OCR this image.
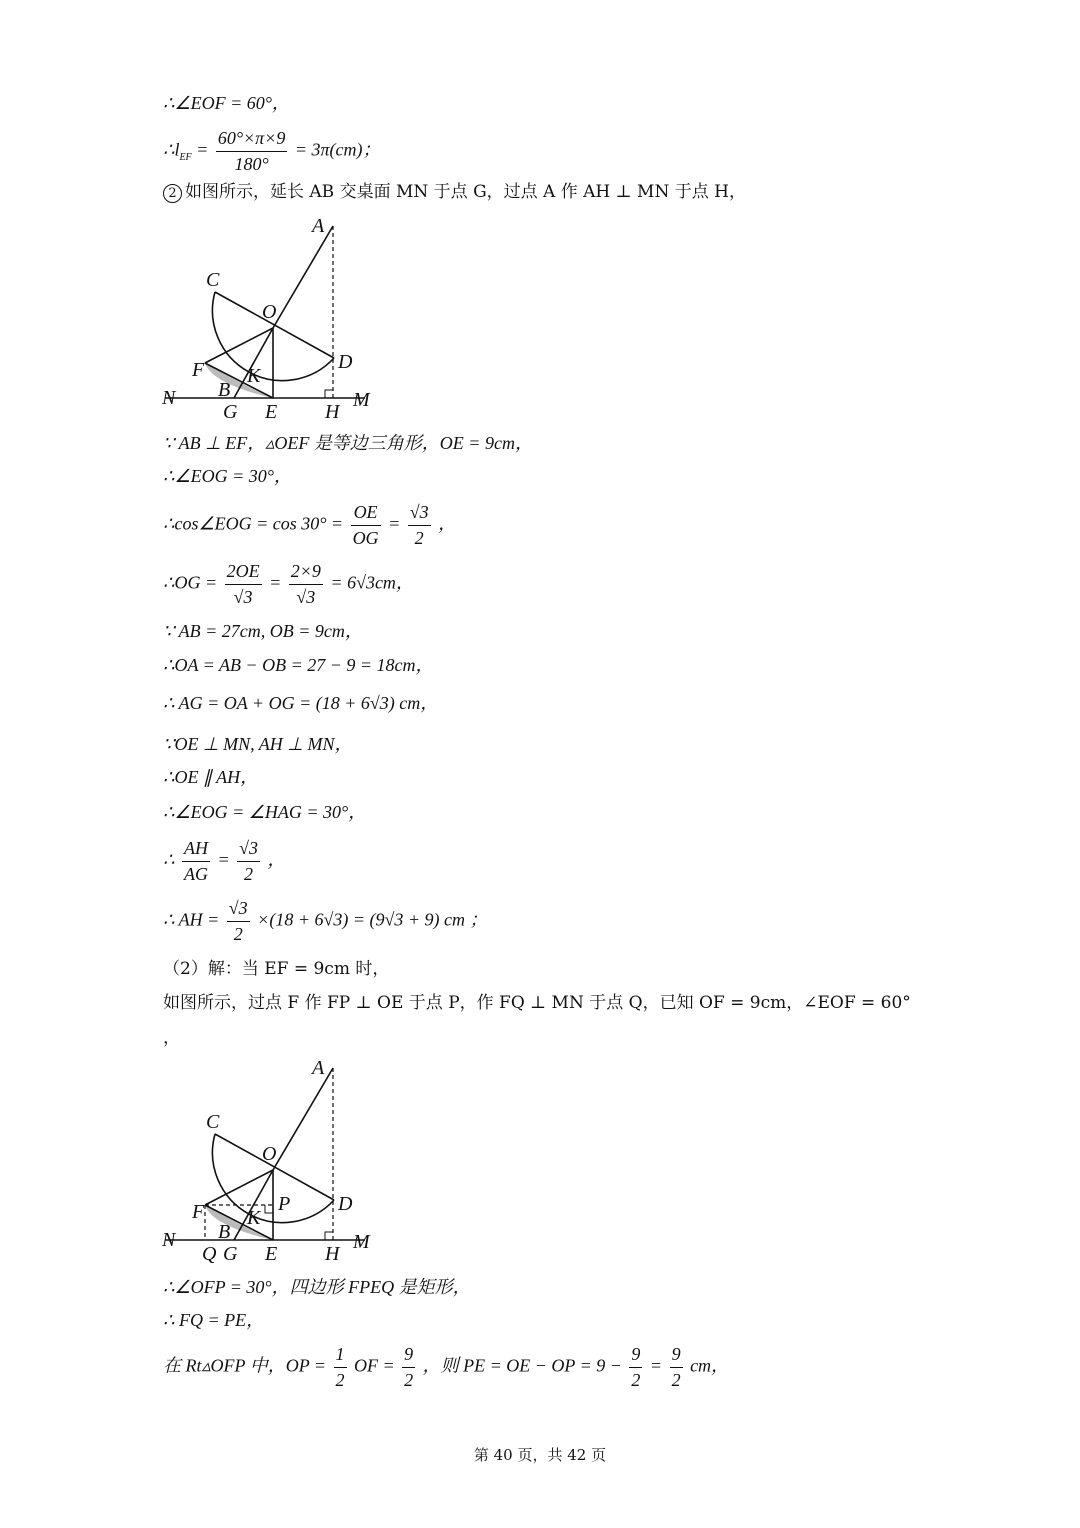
∴∠EOF = 60°，
$\therefore l_{EF} = \frac{60^\circ\times\pi\times 9}{180^\circ} = 3\pi(cm)$；
2 如图所示，延长 AB 交桌面 MN 于点 G，过点 A 作 AH ⊥ MN 于点 H，
A
C
O
D
F K
B
N
G E H
M
∵ AB ⊥ EF，▵OEF 是等边三角形，OE = 9cm，
∴∠EOG = 30°，
∴cos∠EOG = $\cos 30^\circ = \frac{OE}{OG} = \frac{√3}{2}$ ，
∴OG = $\frac{2OE}{√3} = \frac{2\times 9}{√3} = 6√3cm$，
∵ AB = 27cm, OB = 9cm，
∴OA = AB − OB = 27 − 9 = 18cm，
∴ AG = OA + OG = (18 + 6√3) cm，
∵OE ⊥ MN, AH ⊥ MN，
∴OE ∥ AH，
∴∠EOG = ∠HAG = 30°，
∴ $\frac{AH}{AG} = \frac{√3}{2}$ ，
∴ AH = $\frac{√3}{2} \times(18 + 6√3) = (9√3 + 9)$ cm ；
（2）解：当 EF = 9cm 时，
如图所示，过点 F 作 FP ⊥ OE 于点 P，作 FQ ⊥ MN 于点 Q，已知 OF = 9cm，∠EOF = 60°
，
A
C
O
P D
F
B
K
N
Q G E H
M
∴∠OFP = 30°，四边形 FPEQ 是矩形，
∴ FQ = PE，
在 Rt▵OFP 中，OP = $\frac{1}{2}$ OF = $\frac{9}{2}$ ，则 PE = OE − OP = $9 - \frac{9}{2} = \frac{9}{2}$ cm，
第 40 页，共 42 页
